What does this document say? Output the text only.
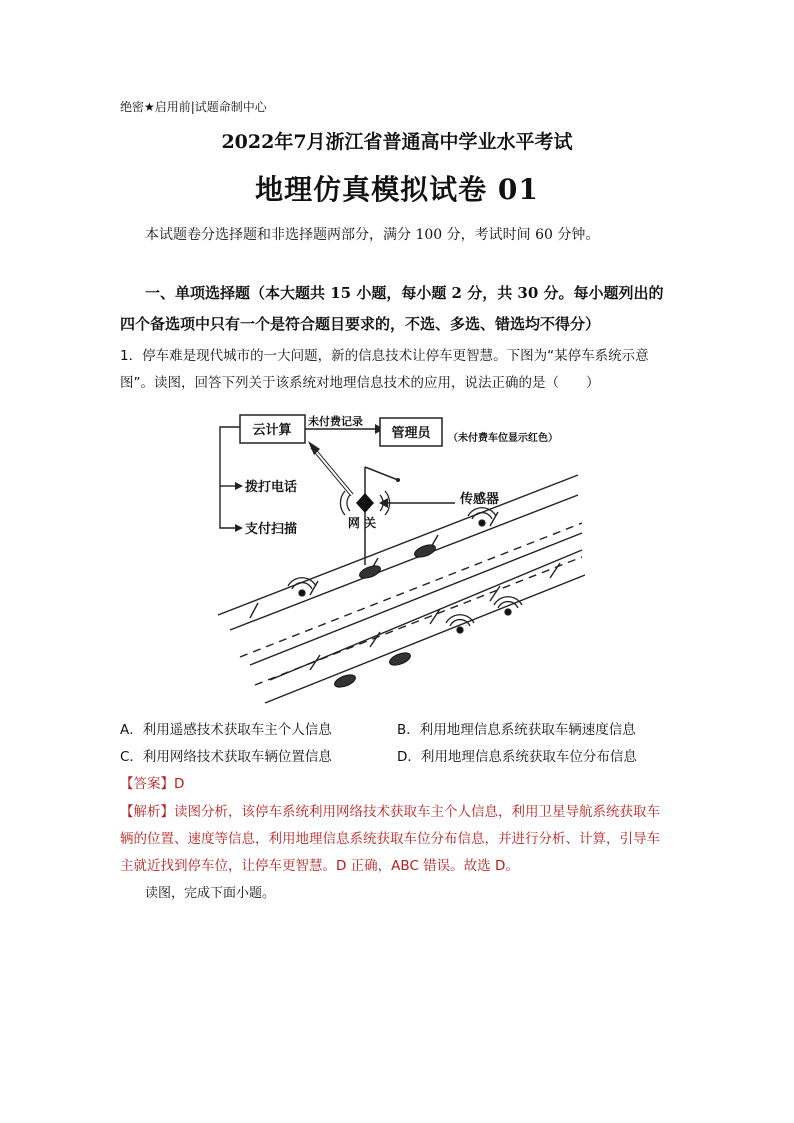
绝密★启用前|试题命制中心
2022年7月浙江省普通高中学业水平考试
地理仿真模拟试卷 01
本试题卷分选择题和非选择题两部分，满分 100 分，考试时间 60 分钟。
一、单项选择题（本大题共 15 小题，每小题 2 分，共 30 分。每小题列出的
四个备选项中只有一个是符合题目要求的，不选、多选、错选均不得分）
1．停车难是现代城市的一大问题，新的信息技术让停车更智慧。下图为“某停车系统示意
图”。读图，回答下列关于该系统对地理信息技术的应用，说法正确的是（　　）
云计算
未付费记录
管理员 （未付费车位显示红色）
拨打电话
支付扫描	网 关
传感器
A．利用遥感技术获取车主个人信息	B．利用地理信息系统获取车辆速度信息
C．利用网络技术获取车辆位置信息	D．利用地理信息系统获取车位分布信息
【答案】D
【解析】读图分析，该停车系统利用网络技术获取车主个人信息，利用卫星导航系统获取车
辆的位置、速度等信息，利用地理信息系统获取车位分布信息，并进行分析、计算，引导车
主就近找到停车位，让停车更智慧。D 正确，ABC 错误。故选 D。
读图，完成下面小题。
